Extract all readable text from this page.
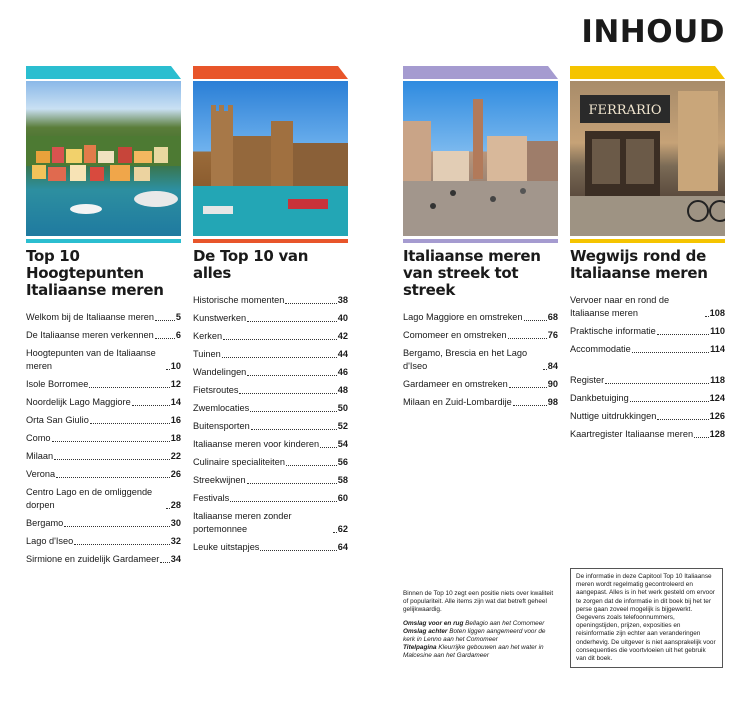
INHOUD
Top 10 Hoogtepunten Italiaanse meren
Welkom bij de Italiaanse meren 5
De Italiaanse meren verkennen 6
Hoogtepunten van de Italiaanse meren	10
Isole Borromee	12
Noordelijk Lago Maggiore	14
Orta San Giulio	16
Como	18
Milaan	22
Verona	26
Centro Lago en de omliggende dorpen	28
Bergamo	30
Lago d'Iseo	32
Sirmione en zuidelijk Gardameer 34
De Top 10 van alles
Historische momenten	38
Kunstwerken	40
Kerken	42
Tuinen	44
Wandelingen	46
Fietsroutes	48
Zwemlocaties	50
Buitensporten	52
Italiaanse meren voor kinderen 54
Culinaire specialiteiten	56
Streekwijnen	58
Festivals	60
Italiaanse meren zonder portemonnee	62
Leuke uitstapjes	64
Italiaanse meren van streek tot streek
Lago Maggiore en omstreken	68
Comomeer en omstreken	76
Bergamo, Brescia en het Lago d'Iseo	84
Gardameer en omstreken	90
Milaan en Zuid-Lombardije	98
FERRARIO
Wegwijs rond de Italiaanse meren
Vervoer naar en rond de Italiaanse meren	108
Praktische informatie	110
Accommodatie	114
Register	118
Dankbetuiging	124
Nuttige uitdrukkingen	126
Kaartregister Italiaanse meren 128

Binnen de Top 10 zegt een positie niets over kwaliteit of populariteit. Alle items zijn wat dat betreft geheel gelijkwaardig.

Omslag voor en rug Bellagio aan het Comomeer
Omslag achter Boten liggen aangemeerd voor de kerk in Lenno aan het Comomeer
Titelpagina Kleurrijke gebouwen aan het water in Malcesine aan het Gardameer
De informatie in deze Capitool Top 10 Italiaanse meren wordt regelmatig gecontroleerd en aangepast. Alles is in het werk gesteld om ervoor te zorgen dat de informatie in dit boek bij het ter perse gaan zoveel mogelijk is bijgewerkt. Gegevens zoals telefoonnummers, openingstijden, prijzen, exposities en reisinformatie zijn echter aan veranderingen onderhevig. De uitgever is niet aansprakelijk voor consequenties die voortvloeien uit het gebruik van dit boek.
